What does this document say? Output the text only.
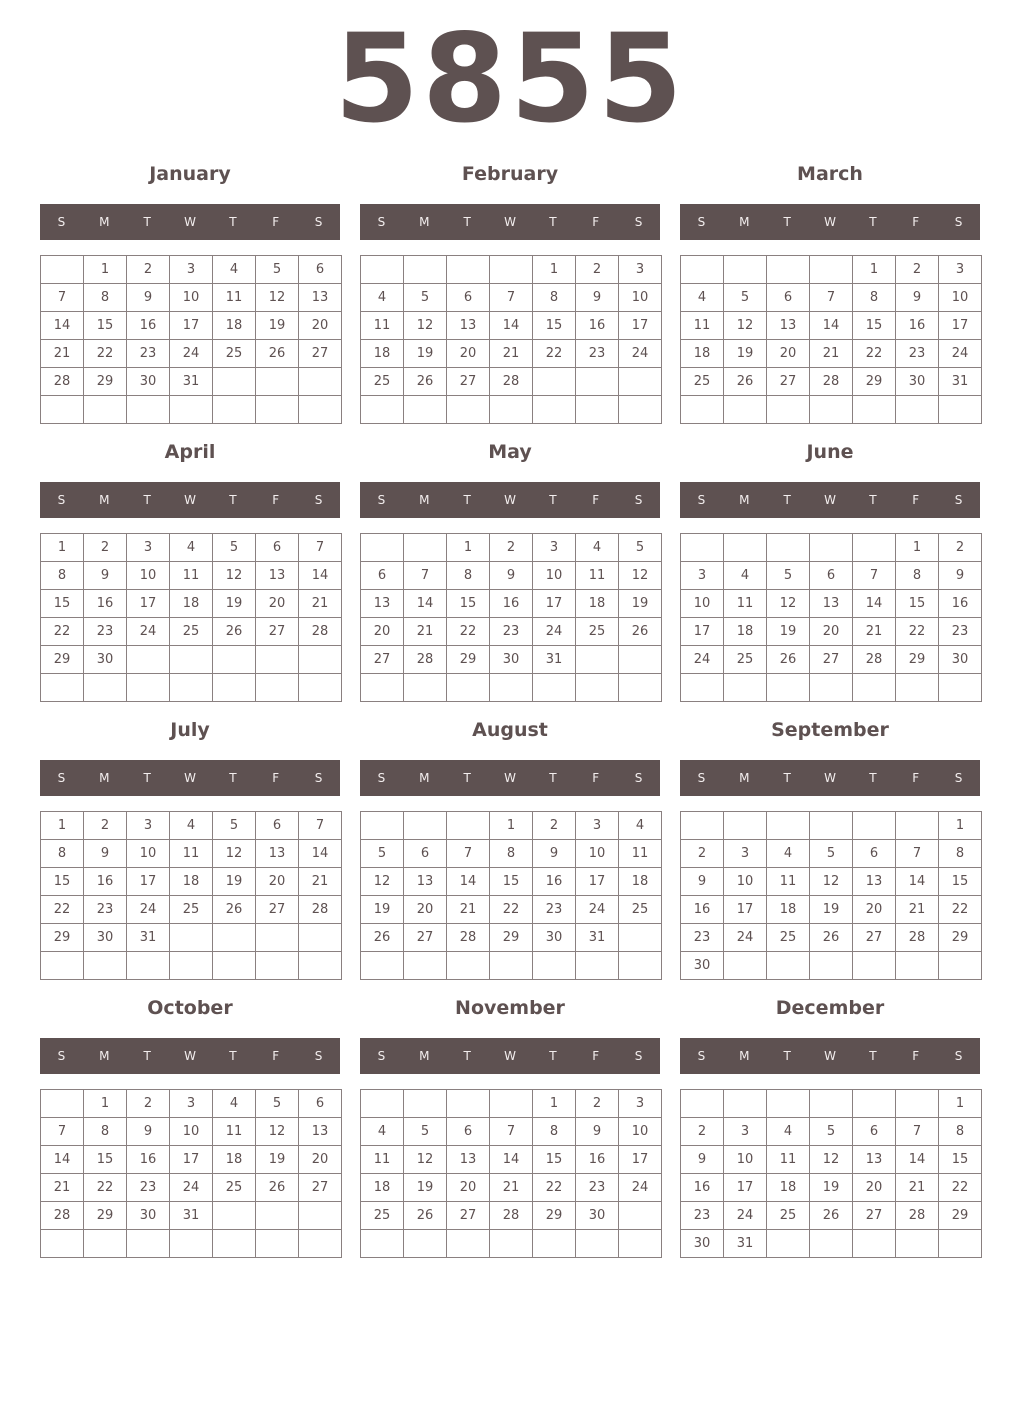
5855
January
S	M	T	W	T	F	S
	1	2	3	4	5	6
7	8	9	10	11	12	13
14	15	16	17	18	19	20
21	22	23	24	25	26	27
28	29	30	31			

February
S	M	T	W	T	F	S
				1	2	3
4	5	6	7	8	9	10
11	12	13	14	15	16	17
18	19	20	21	22	23	24
25	26	27	28			

March
S	M	T	W	T	F	S
				1	2	3
4	5	6	7	8	9	10
11	12	13	14	15	16	17
18	19	20	21	22	23	24
25	26	27	28	29	30	31

April
S	M	T	W	T	F	S
1	2	3	4	5	6	7
8	9	10	11	12	13	14
15	16	17	18	19	20	21
22	23	24	25	26	27	28
29	30					

May
S	M	T	W	T	F	S
		1	2	3	4	5
6	7	8	9	10	11	12
13	14	15	16	17	18	19
20	21	22	23	24	25	26
27	28	29	30	31		

June
S	M	T	W	T	F	S
					1	2
3	4	5	6	7	8	9
10	11	12	13	14	15	16
17	18	19	20	21	22	23
24	25	26	27	28	29	30

July
S	M	T	W	T	F	S
1	2	3	4	5	6	7
8	9	10	11	12	13	14
15	16	17	18	19	20	21
22	23	24	25	26	27	28
29	30	31				

August
S	M	T	W	T	F	S
			1	2	3	4
5	6	7	8	9	10	11
12	13	14	15	16	17	18
19	20	21	22	23	24	25
26	27	28	29	30	31	

September
S	M	T	W	T	F	S
						1
2	3	4	5	6	7	8
9	10	11	12	13	14	15
16	17	18	19	20	21	22
23	24	25	26	27	28	29
30						
October
S	M	T	W	T	F	S
	1	2	3	4	5	6
7	8	9	10	11	12	13
14	15	16	17	18	19	20
21	22	23	24	25	26	27
28	29	30	31			

November
S	M	T	W	T	F	S
				1	2	3
4	5	6	7	8	9	10
11	12	13	14	15	16	17
18	19	20	21	22	23	24
25	26	27	28	29	30	

December
S	M	T	W	T	F	S
						1
2	3	4	5	6	7	8
9	10	11	12	13	14	15
16	17	18	19	20	21	22
23	24	25	26	27	28	29
30	31					
